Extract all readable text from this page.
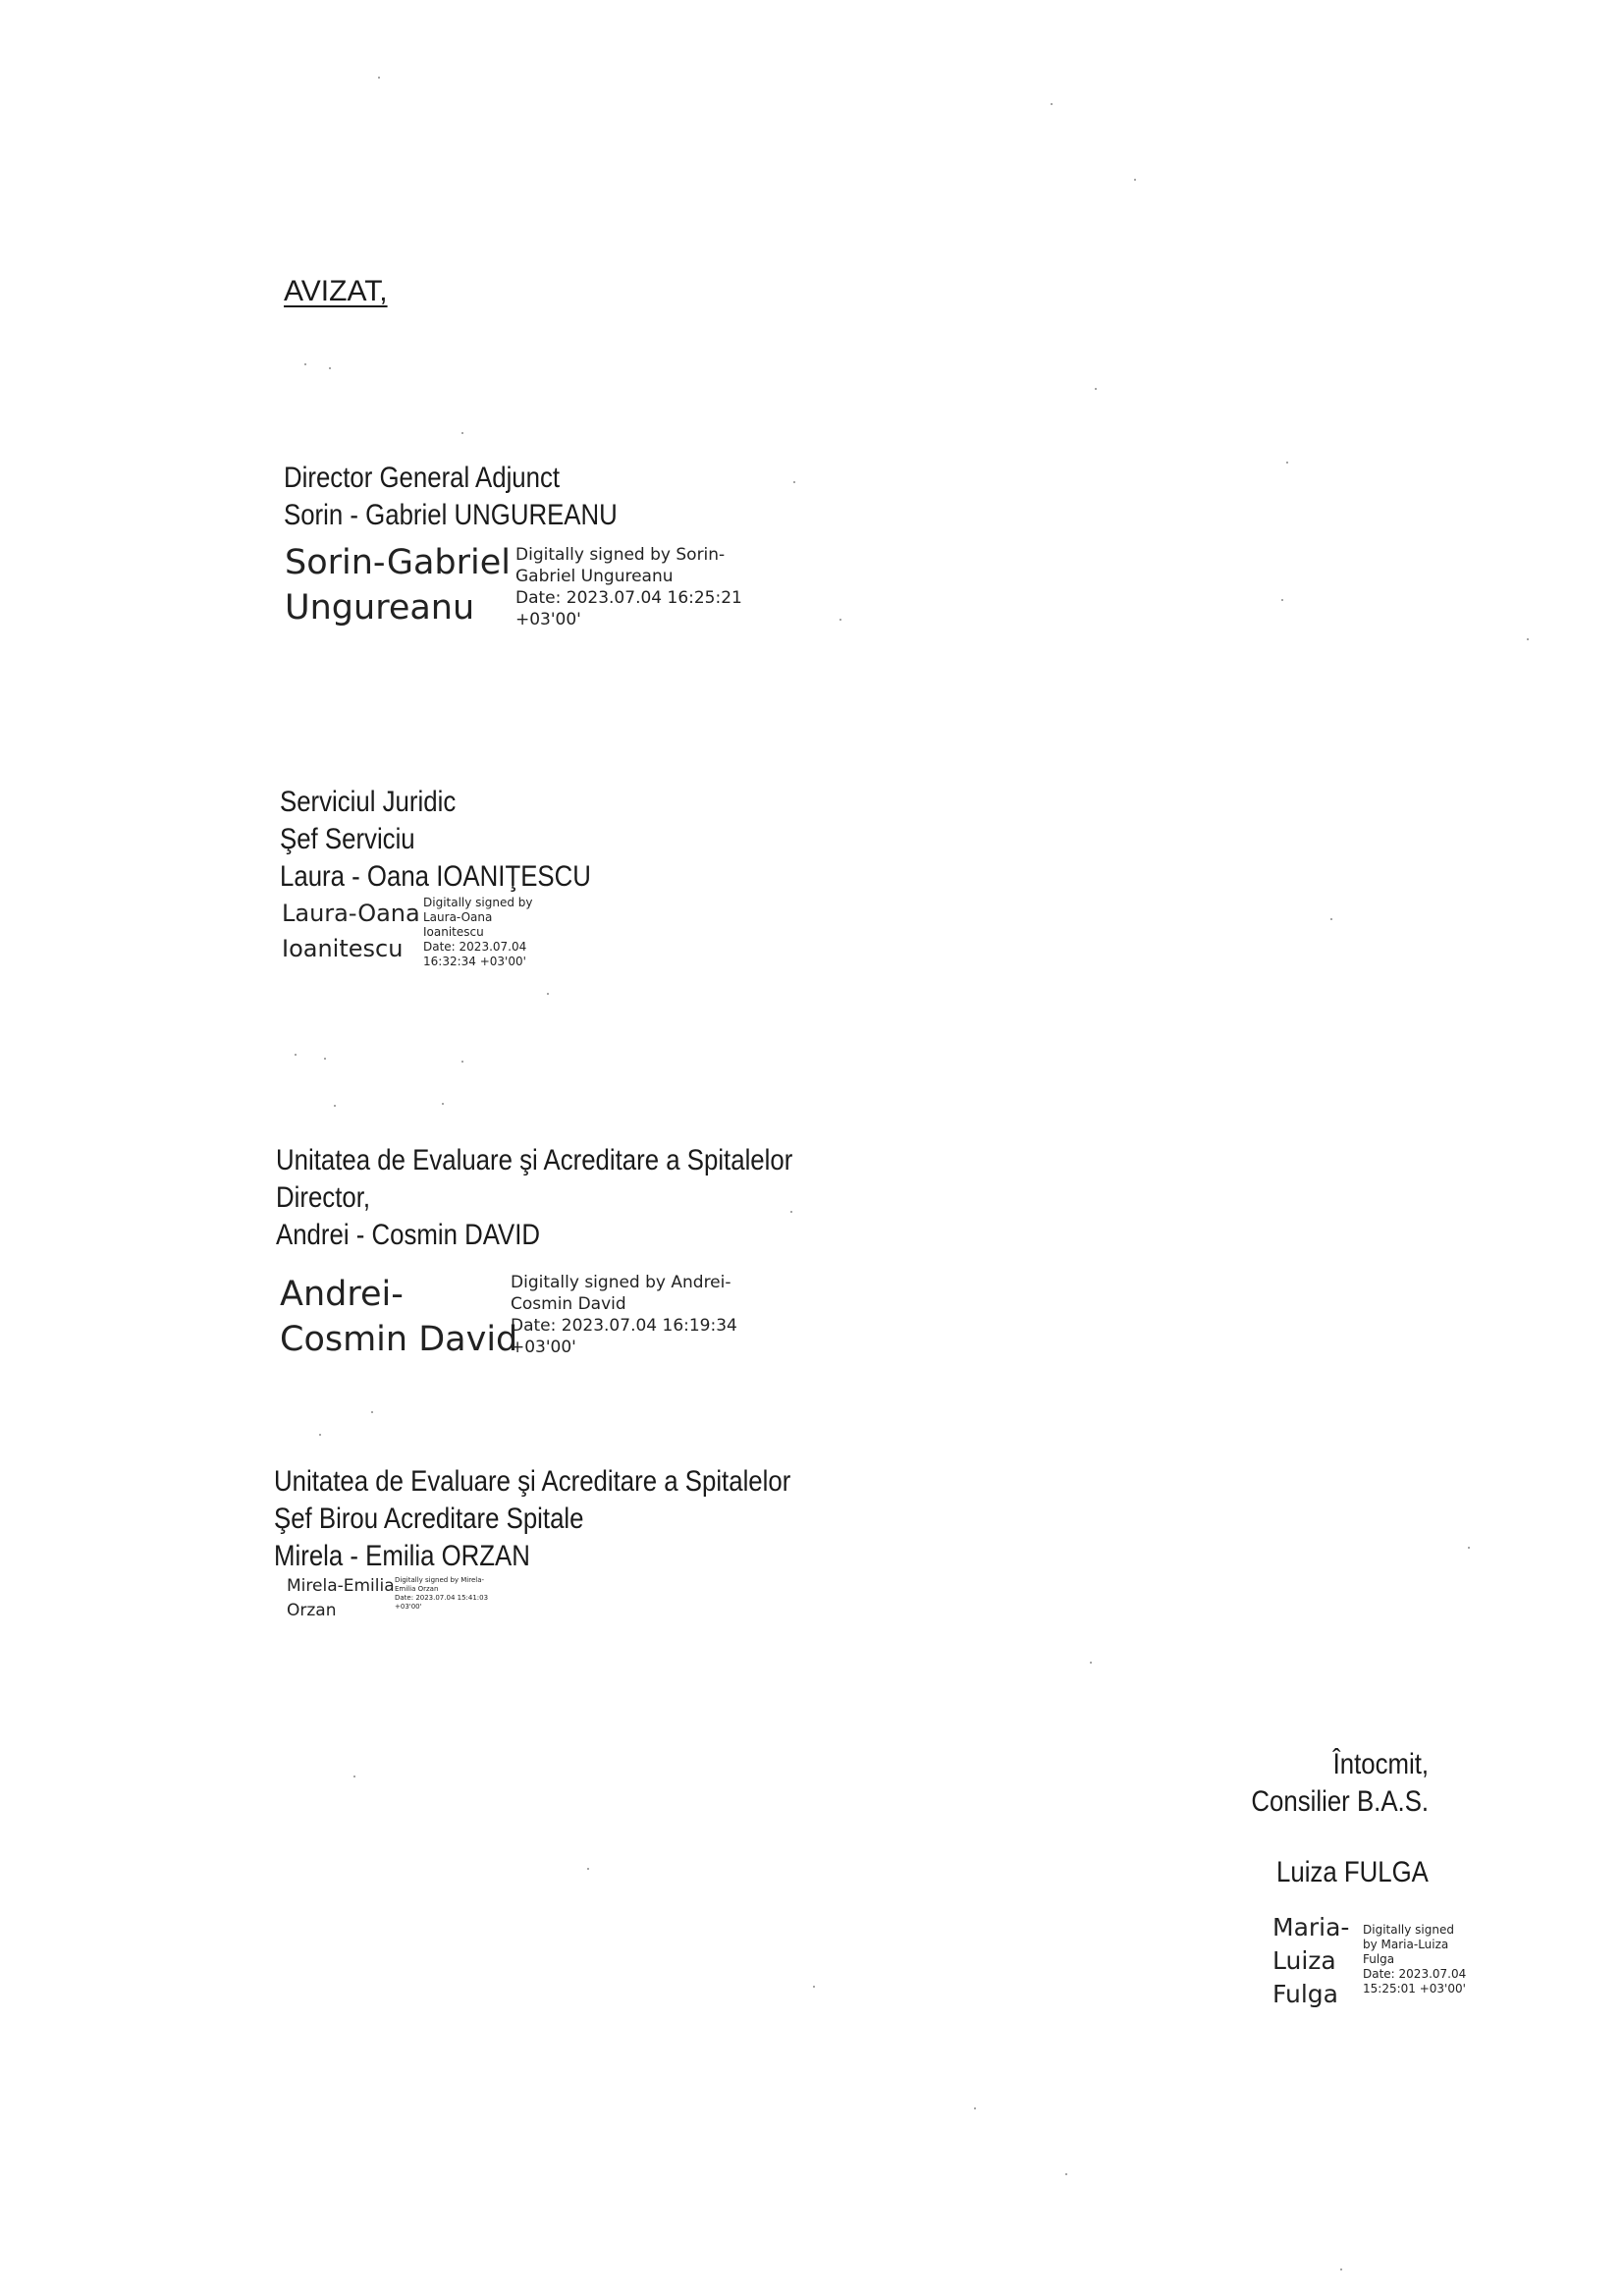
AVIZAT,
Director General Adjunct
Sorin - Gabriel UNGUREANU
Sorin-Gabriel
Ungureanu
Digitally signed by Sorin-
Gabriel Ungureanu
Date: 2023.07.04 16:25:21
+03'00'
Serviciul Juridic
Şef Serviciu
Laura - Oana IOANIŢESCU
Laura-Oana
Ioanitescu
Digitally signed by
Laura-Oana
Ioanitescu
Date: 2023.07.04
16:32:34 +03'00'
Unitatea de Evaluare şi Acreditare a Spitalelor
Director,
Andrei - Cosmin DAVID
Andrei-
Cosmin David
Digitally signed by Andrei-
Cosmin David
Date: 2023.07.04 16:19:34
+03'00'
Unitatea de Evaluare şi Acreditare a Spitalelor
Şef Birou Acreditare Spitale
Mirela - Emilia ORZAN
Mirela-Emilia
Orzan
Digitally signed by Mirela-
Emilia Orzan
Date: 2023.07.04 15:41:03
+03'00'
Întocmit,
Consilier B.A.S.
Luiza FULGA
Maria-
Luiza
Fulga
Digitally signed
by Maria-Luiza
Fulga
Date: 2023.07.04
15:25:01 +03'00'
